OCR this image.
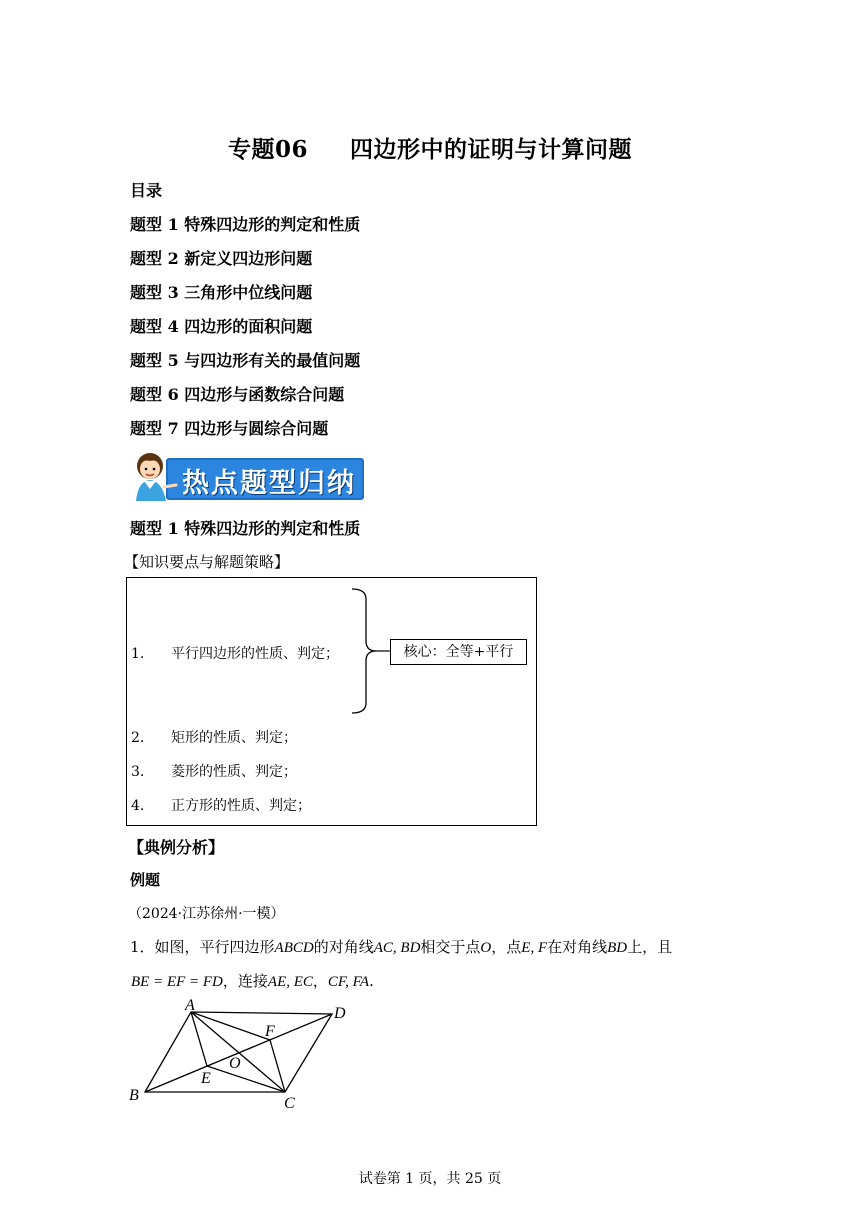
专题06 四边形中的证明与计算问题
目录
题型 1 特殊四边形的判定和性质
题型 2 新定义四边形问题
题型 3 三角形中位线问题
题型 4 四边形的面积问题
题型 5 与四边形有关的最值问题
题型 6 四边形与函数综合问题
题型 7 四边形与圆综合问题
热点题型归纳
题型 1 特殊四边形的判定和性质
【知识要点与解题策略】
1. 平行四边形的性质、判定；
2. 矩形的性质、判定；
3. 菱形的性质、判定；
4. 正方形的性质、判定；
核心：全等+平行
【典例分析】
例题
（2024·江苏徐州·一模）
1．如图，平行四边形ABCD的对角线AC, BD相交于点O，点E, F在对角线BD上，且
BE = EF = FD，连接AE, EC，CF, FA.
A	D
B	C
E
F
O
试卷第 1 页，共 25 页
